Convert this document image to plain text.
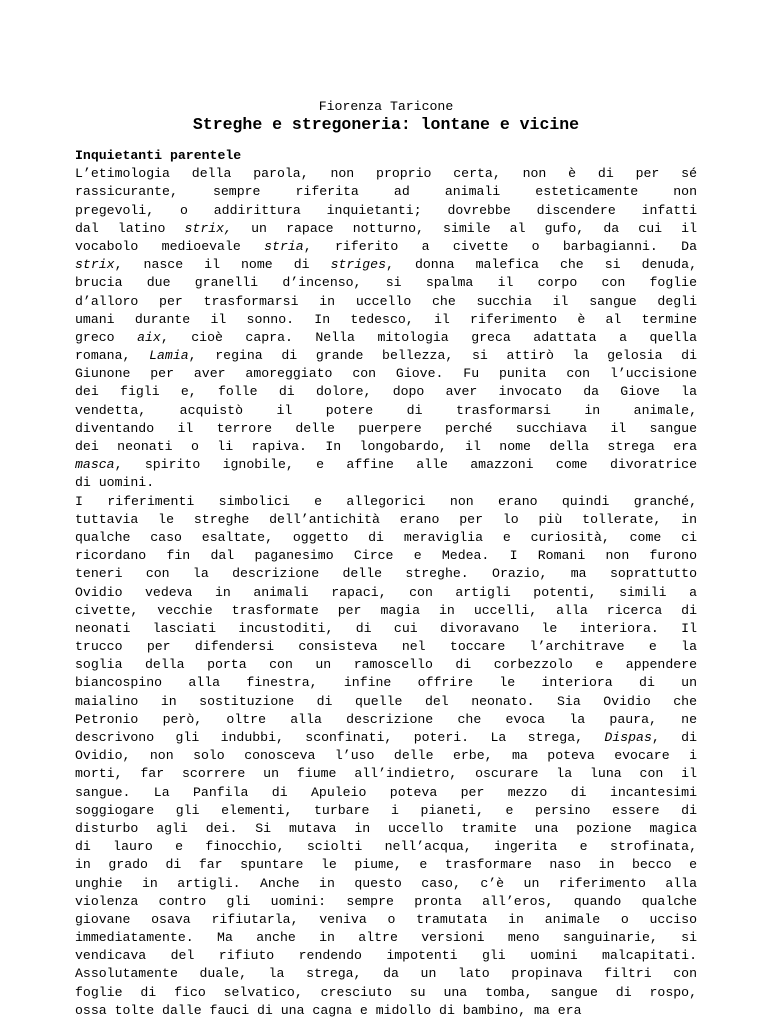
Fiorenza Taricone

Streghe e stregoneria: lontane e vicine
Inquietanti parentele

L’etimologia della parola, non proprio certa, non è di per sé
rassicurante, sempre riferita ad animali esteticamente non
pregevoli, o addirittura inquietanti; dovrebbe discendere infatti
dal latino strix, un rapace notturno, simile al gufo, da cui il
vocabolo medioevale stria, riferito a civette o barbagianni. Da
strix, nasce il nome di striges, donna malefica che si denuda,
brucia due granelli d’incenso, si spalma il corpo con foglie
d’alloro per trasformarsi in uccello che succhia il sangue degli
umani durante il sonno. In tedesco, il riferimento è al termine
greco aix, cioè capra. Nella mitologia greca adattata a quella
romana, Lamia, regina di grande bellezza, si attirò la gelosia di
Giunone per aver amoreggiato con Giove. Fu punita con l’uccisione
dei figli e, folle di dolore, dopo aver invocato da Giove la
vendetta, acquistò il potere di trasformarsi in animale,
diventando il terrore delle puerpere perché succhiava il sangue
dei neonati o li rapiva. In longobardo, il nome della strega era
masca, spirito ignobile, e affine alle amazzoni come divoratrice
di uomini.

I riferimenti simbolici e allegorici non erano quindi granché,
tuttavia le streghe dell’antichità erano per lo più tollerate, in
qualche caso esaltate, oggetto di meraviglia e curiosità, come ci
ricordano fin dal paganesimo Circe e Medea. I Romani non furono
teneri con la descrizione delle streghe. Orazio, ma soprattutto
Ovidio vedeva in animali rapaci, con artigli potenti, simili a
civette, vecchie trasformate per magia in uccelli, alla ricerca di
neonati lasciati incustoditi, di cui divoravano le interiora. Il
trucco per difendersi consisteva nel toccare l’architrave e la
soglia della porta con un ramoscello di corbezzolo e appendere
biancospino alla finestra, infine offrire le interiora di un
maialino in sostituzione di quelle del neonato. Sia Ovidio che
Petronio però, oltre alla descrizione che evoca la paura, ne
descrivono gli indubbi, sconfinati, poteri. La strega, Dispas, di
Ovidio, non solo conosceva l’uso delle erbe, ma poteva evocare i
morti, far scorrere un fiume all’indietro, oscurare la luna con il
sangue. La Panfila di Apuleio poteva per mezzo di incantesimi
soggiogare gli elementi, turbare i pianeti, e persino essere di
disturbo agli dei. Si mutava in uccello tramite una pozione magica
di lauro e finocchio, sciolti nell’acqua, ingerita e strofinata,
in grado di far spuntare le piume, e trasformare naso in becco e
unghie in artigli. Anche in questo caso, c’è un riferimento alla
violenza contro gli uomini: sempre pronta all’eros, quando qualche
giovane osava rifiutarla, veniva o tramutata in animale o ucciso
immediatamente. Ma anche in altre versioni meno sanguinarie, si
vendicava del rifiuto rendendo impotenti gli uomini malcapitati.
Assolutamente duale, la strega, da un lato propinava filtri con
foglie di fico selvatico, cresciuto su una tomba, sangue di rospo,
ossa tolte dalle fauci di una cagna e midollo di bambino, ma era
